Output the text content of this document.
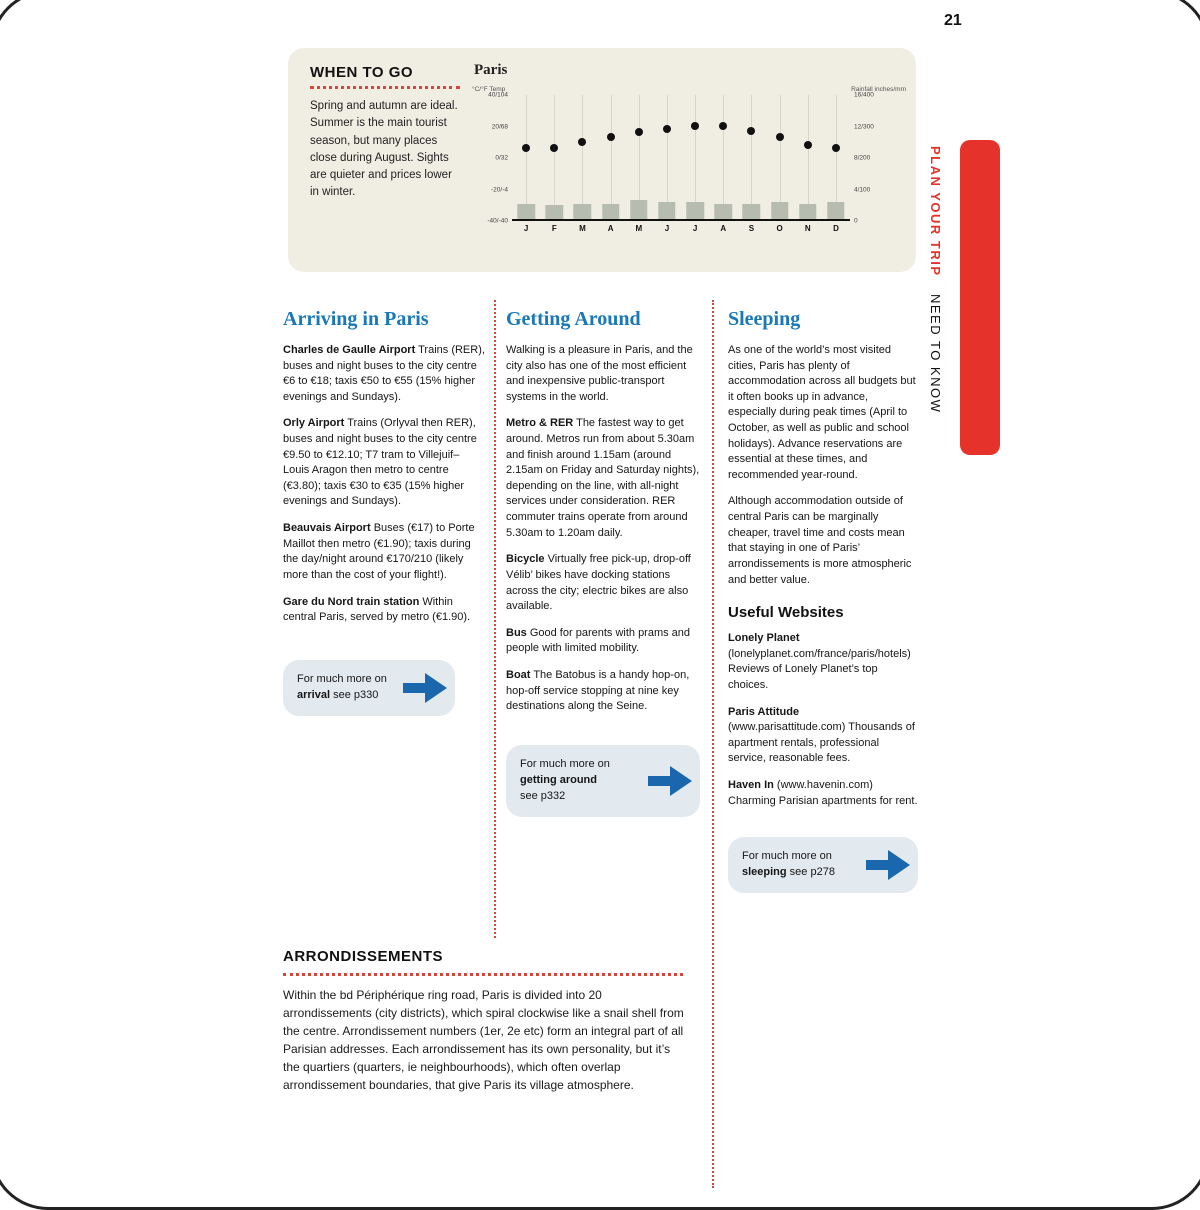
21
WHEN TO GO
Spring and autumn are ideal. Summer is the main tourist season, but many places close during August. Sights are quieter and prices lower in winter.
Paris
°C/°F Temp	Rainfall inches/mm
40/104
20/68
0/32
-20/-4
-40/-40
16/400
12/300
8/200
4/100
0
J	F	M	A	M	J	J	A	S	O	N	D	PLAN YOUR TRIP NEED TO KNOW
Arriving in Paris

Charles de Gaulle Airport Trains (RER), buses and night buses to the city centre €6 to €18; taxis €50 to €55 (15% higher evenings and Sundays).

Orly Airport Trains (Orlyval then RER), buses and night buses to the city centre €9.50 to €12.10; T7 tram to Villejuif–Louis Aragon then metro to centre (€3.80); taxis €30 to €35 (15% higher evenings and Sundays).

Beauvais Airport Buses (€17) to Porte Maillot then metro (€1.90); taxis during the day/night around €170/210 (likely more than the cost of your flight!).

Gare du Nord train station Within central Paris, served by metro (€1.90).

For much more on
arrival see p330
Getting Around

Walking is a pleasure in Paris, and the city also has one of the most efficient and inexpensive public-transport systems in the world.

Metro & RER The fastest way to get around. Metros run from about 5.30am and finish around 1.15am (around 2.15am on Friday and Saturday nights), depending on the line, with all-night services under consideration. RER commuter trains operate from around 5.30am to 1.20am daily.

Bicycle Virtually free pick-up, drop-off Vélib’ bikes have docking stations across the city; electric bikes are also available.

Bus Good for parents with prams and people with limited mobility.

Boat The Batobus is a handy hop-on, hop-off service stopping at nine key destinations along the Seine.

For much more on
getting around
see p332
Sleeping

As one of the world’s most visited cities, Paris has plenty of accommodation across all budgets but it often books up in advance, especially during peak times (April to October, as well as public and school holidays). Advance reservations are essential at these times, and recommended year-round.

Although accommodation outside of central Paris can be marginally cheaper, travel time and costs mean that staying in one of Paris’ arrondissements is more atmospheric and better value.

Useful Websites

Lonely Planet (lonelyplanet.com/france/paris/hotels) Reviews of Lonely Planet’s top choices.

Paris Attitude (www.parisattitude.com) Thousands of apartment rentals, professional service, reasonable fees.

Haven In (www.havenin.com) Charming Parisian apartments for rent.

For much more on
sleeping see p278
ARRONDISSEMENTS
Within the bd Périphérique ring road, Paris is divided into 20 arrondissements (city districts), which spiral clockwise like a snail shell from the centre. Arrondissement numbers (1er, 2e etc) form an integral part of all Parisian addresses. Each arrondissement has its own personality, but it’s the quartiers (quarters, ie neighbourhoods), which often overlap arrondissement boundaries, that give Paris its village atmosphere.
